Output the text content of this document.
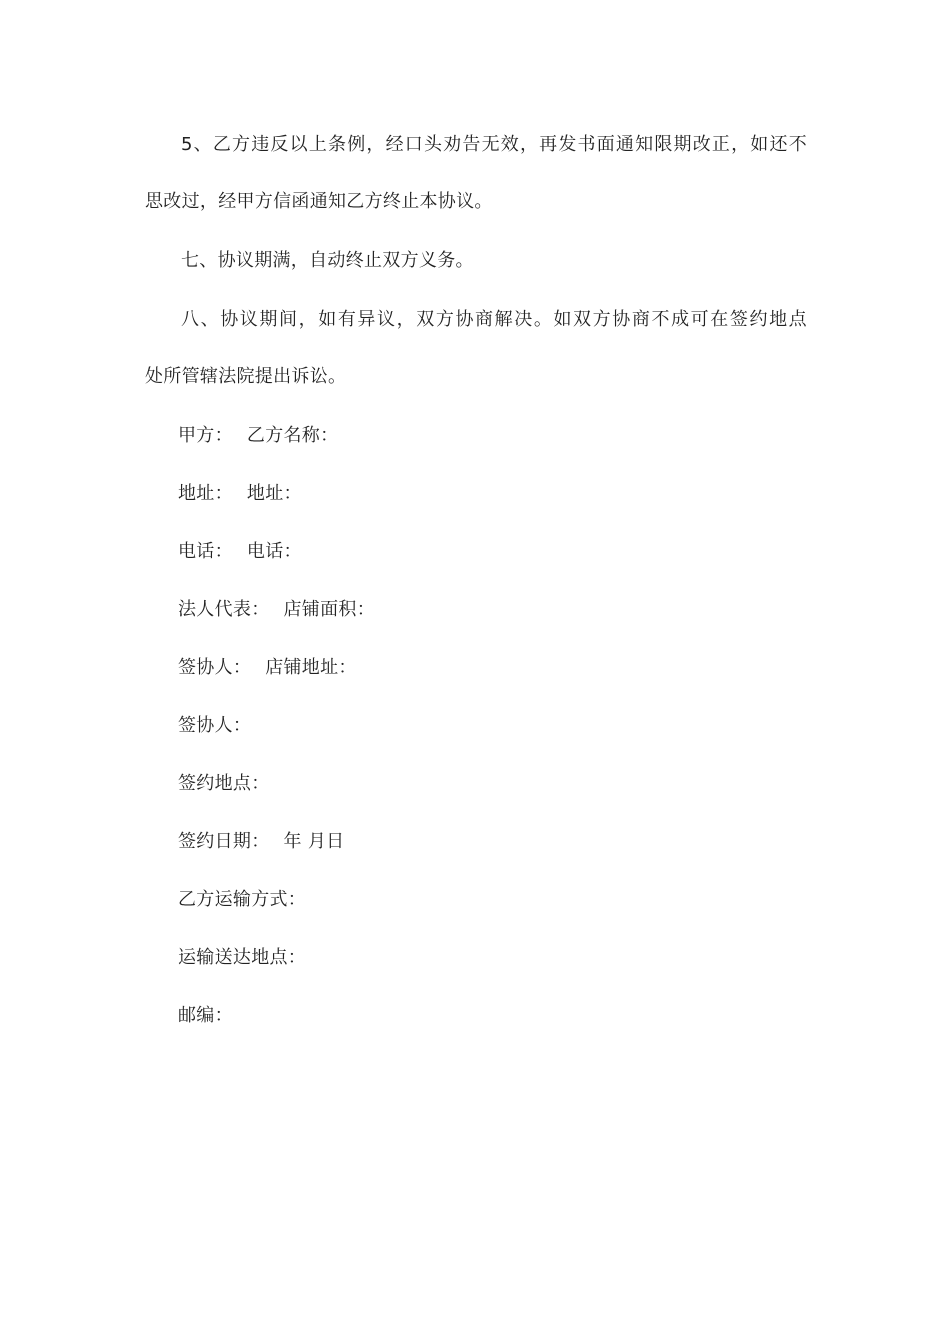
5、乙方违反以上条例，经口头劝告无效，再发书面通知限期改正，如还不
思改过，经甲方信函通知乙方终止本协议。

七、协议期满，自动终止双方义务。

八、协议期间，如有异议，双方协商解决。如双方协商不成可在签约地点
处所管辖法院提出诉讼。

甲方： 乙方名称：

地址： 地址：

电话： 电话：

法人代表： 店铺面积：

签协人： 店铺地址：

签协人：

签约地点：

签约日期： 年 月日

乙方运输方式：

运输送达地点：

邮编：
